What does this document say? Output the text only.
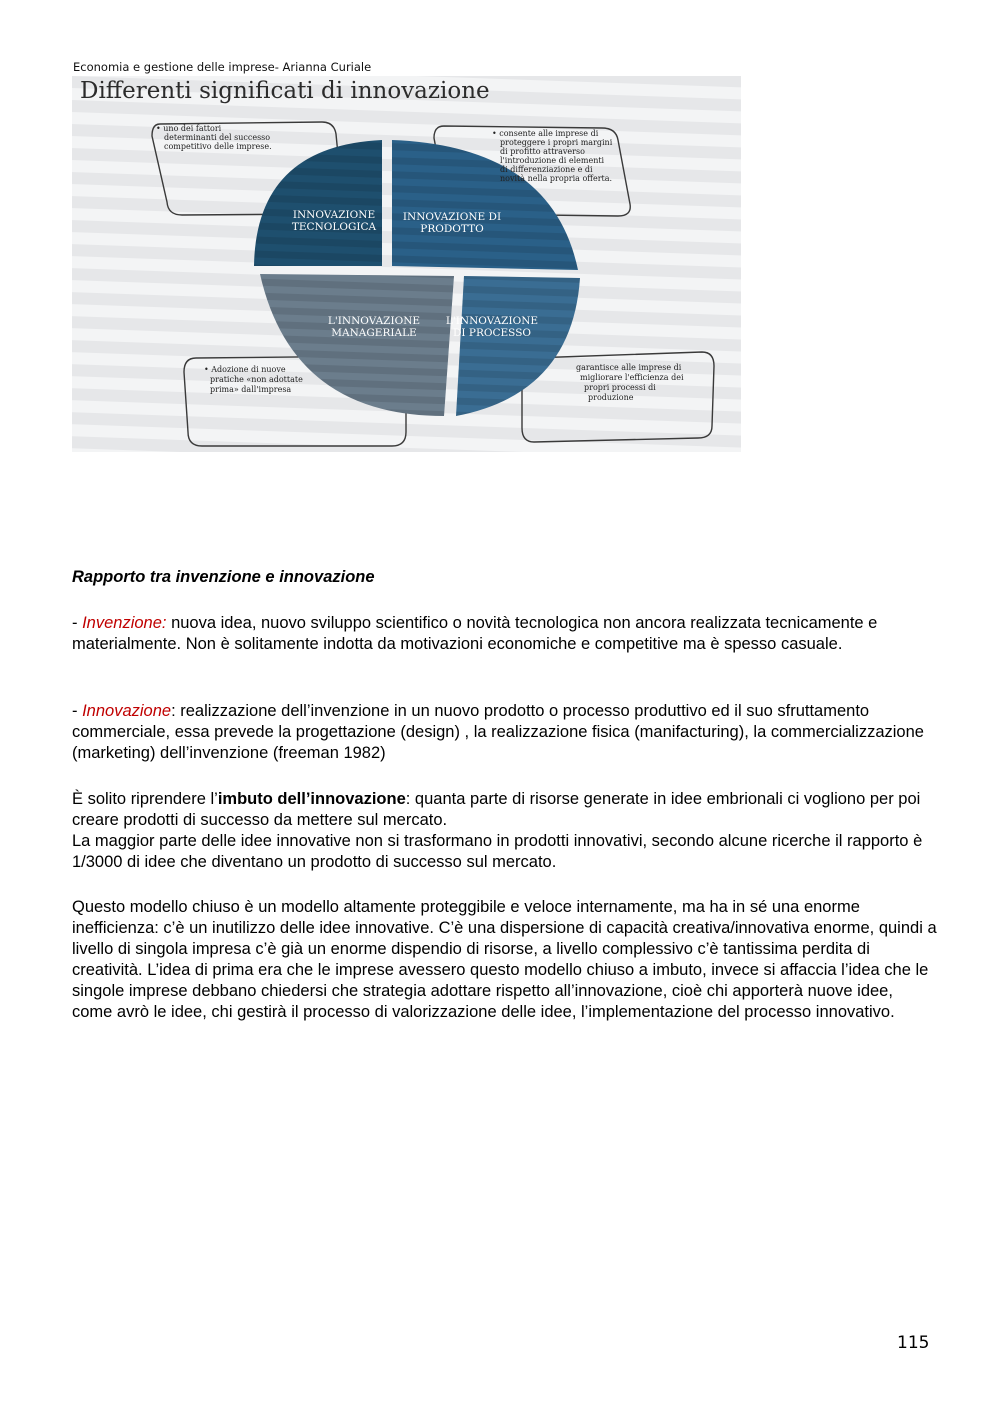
Economia e gestione delle imprese- Arianna Curiale
Differenti significati di innovazione
INNOVAZIONE
TECNOLOGICA
INNOVAZIONE DI
PRODOTTO
L'INNOVAZIONE
MANAGERIALE
L'INNOVAZIONE
DI PROCESSO
• uno dei fattori determinanti del successo competitivo delle imprese.
• consente alle imprese di proteggere i propri margini di profitto attraverso l'introduzione di elementi di differenziazione e di novità nella propria offerta.
• Adozione di nuove pratiche «non adottate prima» dall'impresa
garantisce alle imprese di migliorare l'efficienza dei propri processi di produzione
Rapporto tra invenzione e innovazione

- Invenzione: nuova idea, nuovo sviluppo scientifico o novità tecnologica non ancora realizzata tecnicamente e materialmente. Non è solitamente indotta da motivazioni economiche e competitive ma è spesso casuale.

- Innovazione: realizzazione dell’invenzione in un nuovo prodotto o processo produttivo ed il suo sfruttamento commerciale, essa prevede la progettazione (design) , la realizzazione fisica (manifacturing), la commercializzazione (marketing) dell’invenzione (freeman 1982)

È solito riprendere l’imbuto dell’innovazione: quanta parte di risorse generate in idee embrionali ci vogliono per poi creare prodotti di successo da mettere sul mercato.
La maggior parte delle idee innovative non si trasformano in prodotti innovativi, secondo alcune ricerche il rapporto è 1/3000 di idee che diventano un prodotto di successo sul mercato.

Questo modello chiuso è un modello altamente proteggibile e veloce internamente, ma ha in sé una enorme inefficienza: c’è un inutilizzo delle idee innovative. C’è una dispersione di capacità creativa/innovativa enorme, quindi a livello di singola impresa c’è già un enorme dispendio di risorse, a livello complessivo c’è tantissima perdita di creatività. L’idea di prima era che le imprese avessero questo modello chiuso a imbuto, invece si affaccia l’idea che le singole imprese debbano chiedersi che strategia adottare rispetto all’innovazione, cioè chi apporterà nuove idee, come avrò le idee, chi gestirà il processo di valorizzazione delle idee, l’implementazione del processo innovativo.

115
